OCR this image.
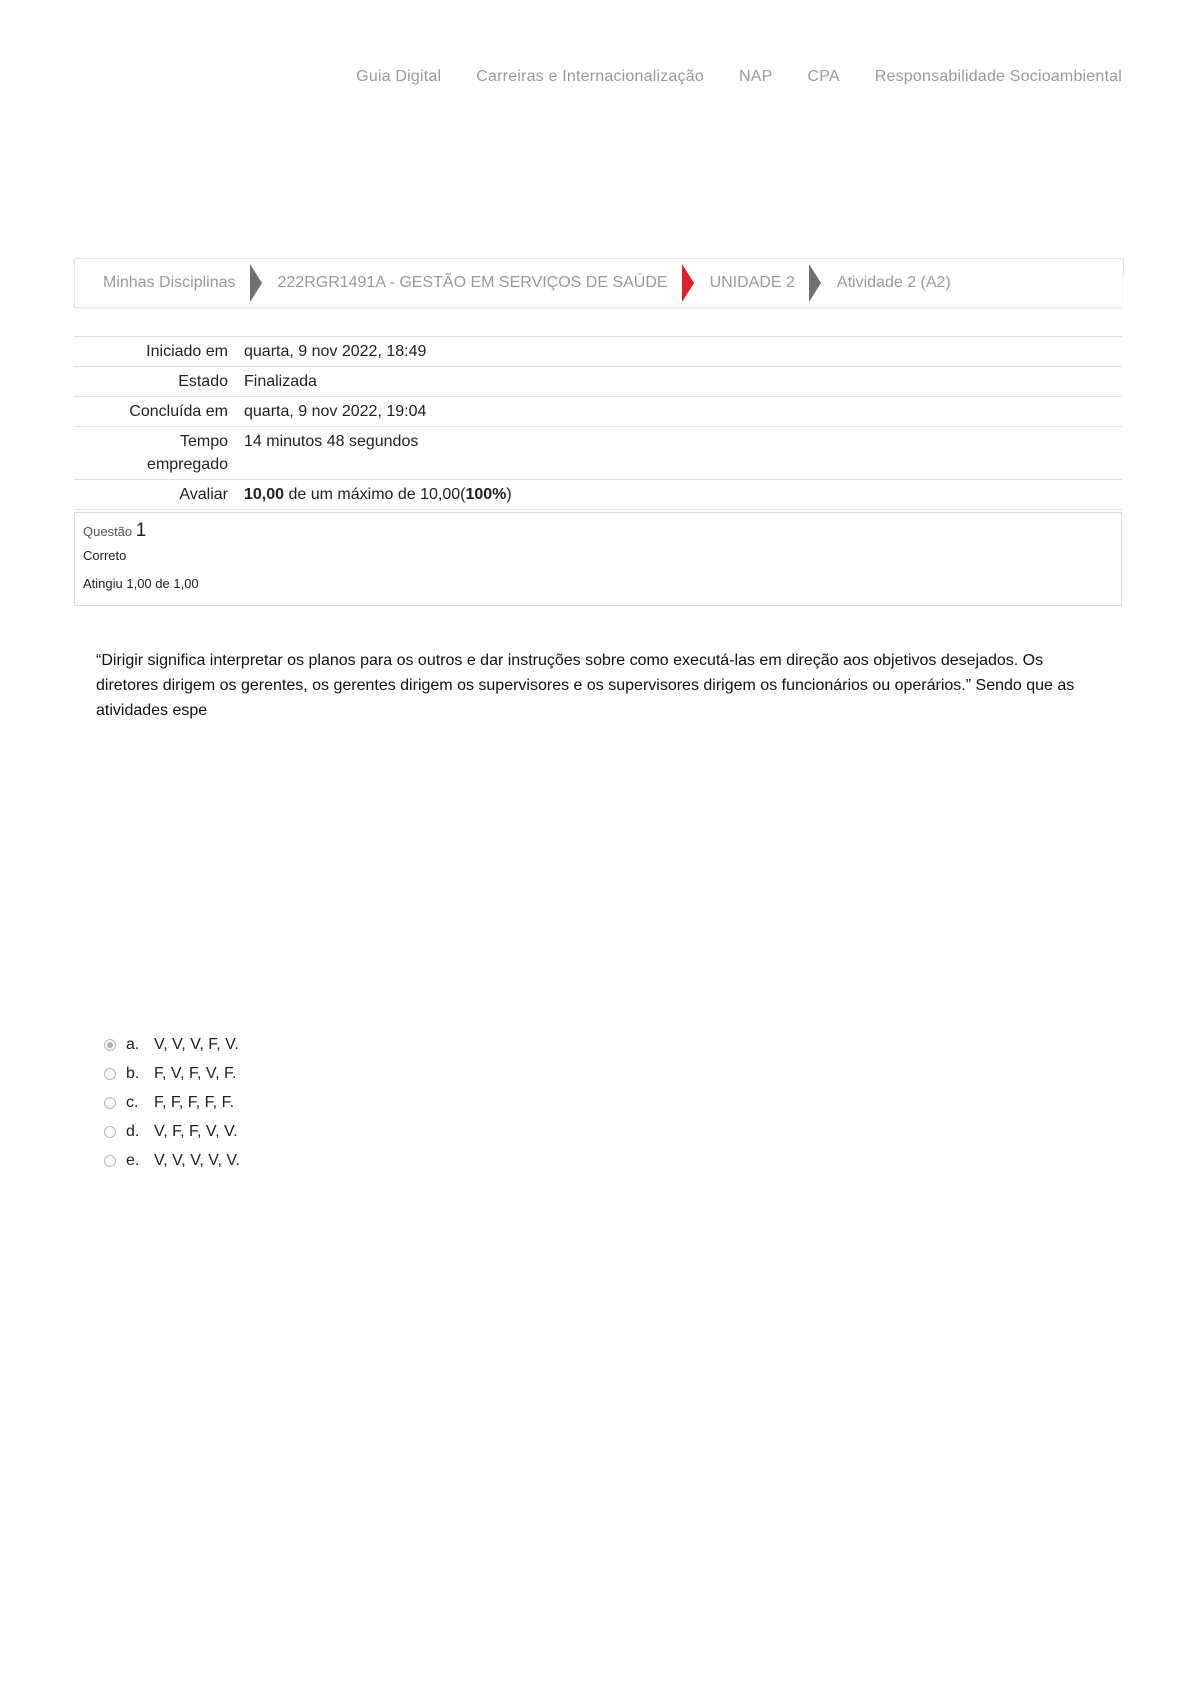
Guia Digital Carreiras e Internacionalização NAP CPA Responsabilidade Socioambiental
Minhas Disciplinas	222RGR1491A - GESTÃO EM SERVIÇOS DE SAÚDE	UNIDADE 2	Atividade 2 (A2)
Iniciado em	quarta, 9 nov 2022, 18:49
Estado	Finalizada
Concluída em	quarta, 9 nov 2022, 19:04
Tempo
empregado	14 minutos 48 segundos
Avaliar	10,00 de um máximo de 10,00(100%)
Questão 1
Correto
Atingiu 1,00 de 1,00
“Dirigir significa interpretar os planos para os outros e dar instruções sobre como executá-las em direção aos objetivos desejados. Os diretores dirigem os gerentes, os gerentes dirigem os supervisores e os supervisores dirigem os funcionários ou operários.” Sendo que as atividades espe
a. V, V, V, F, V.
b. F, V, F, V, F.
c. F, F, F, F, F.
d. V, F, F, V, V.
e. V, V, V, V, V.
